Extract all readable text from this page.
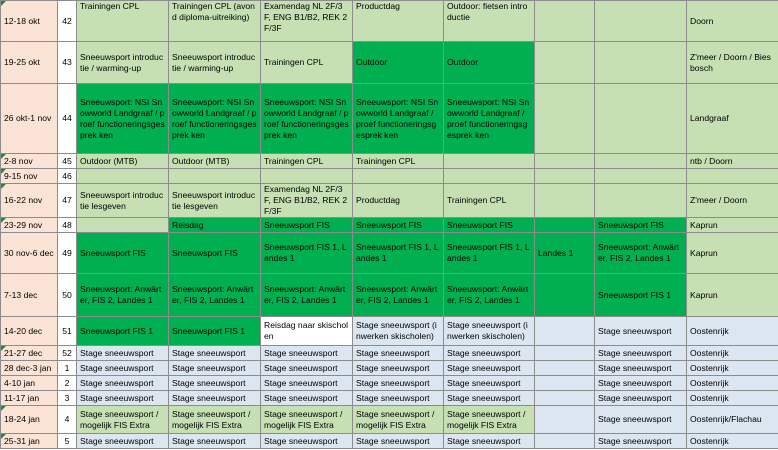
12-18 okt	42	Trainingen CPL	Trainingen CPL (avond diploma-uitreiking)	Examendag NL 2F/3F, ENG B1/B2, REK 2F/3F	Productdag	Outdoor: fietsen introductie			Doorn
19-25 okt	43	Sneeuwsport introductie / warming-up	Sneeuwsport introductie / warming-up	Trainingen CPL	Outdoor	Outdoor			Z'meer / Doorn / Biesbosch
26 okt-1 nov	44	Sneeuwsport: NSI Snowworld Landgraaf / proef functioneringsgesprek ken	Sneeuwsport: NSI Snowworld Landgraaf / proef functioneringsgesprek ken	Sneeuwsport: NSI Snowworld Landgraaf / proef functioneringsgesprek ken	Sneeuwsport: NSI Snowworld Landgraaf / proef functioneringsgesprek ken	Sneeuwsport: NSI Snowworld Landgraaf / proef functioneringsgesprek ken			Landgraaf
2-8 nov	45	Outdoor (MTB)	Outdoor (MTB)	Trainingen CPL	Trainingen CPL				ntb / Doorn
9-15 nov	46								
16-22 nov	47	Sneeuwsport introductie lesgeven	Sneeuwsport introductie lesgeven	Examendag NL 2F/3F, ENG B1/B2, REK 2F/3F	Productdag	Trainingen CPL			Z'meer / Doorn
23-29 nov	48		Reisdag	Sneeuwsport FIS	Sneeuwsport FIS	Sneeuwsport FIS		Sneeuwsport FIS	Kaprun
30 nov-6 dec	49	Sneeuwsport FIS	Sneeuwsport FIS	Sneeuwsport FIS 1, Landes 1	Sneeuwsport FIS 1, Landes 1	Sneeuwsport FIS 1, Landes 1	Landes 1	Sneeuwsport: Anwärter, FIS 2, Landes 1	Kaprun
7-13 dec	50	Sneeuwsport: Anwärter, FIS 2, Landes 1	Sneeuwsport: Anwärter, FIS 2, Landes 1	Sneeuwsport: Anwärter, FIS 2, Landes 1	Sneeuwsport: Anwärter, FIS 2, Landes 1	Sneeuwsport: Anwärter, FIS 2, Landes 1		Sneeuwsport FIS 1	Kaprun
14-20 dec	51	Sneeuwsport FIS 1	Sneeuwsport FIS 1	Reisdag naar skischolen	Stage sneeuwsport (inwerken skischolen)	Stage sneeuwsport (inwerken skischolen)		Stage sneeuwsport	Oostenrijk
21-27 dec	52	Stage sneeuwsport	Stage sneeuwsport	Stage sneeuwsport	Stage sneeuwsport	Stage sneeuwsport		Stage sneeuwsport	Oostenrijk
28 dec-3 jan	1	Stage sneeuwsport	Stage sneeuwsport	Stage sneeuwsport	Stage sneeuwsport	Stage sneeuwsport		Stage sneeuwsport	Oostenrijk
4-10 jan	2	Stage sneeuwsport	Stage sneeuwsport	Stage sneeuwsport	Stage sneeuwsport	Stage sneeuwsport		Stage sneeuwsport	Oostenrijk
11-17 jan	3	Stage sneeuwsport	Stage sneeuwsport	Stage sneeuwsport	Stage sneeuwsport	Stage sneeuwsport		Stage sneeuwsport	Oostenrijk
18-24 jan	4	Stage sneeuwsport / mogelijk FIS Extra	Stage sneeuwsport / mogelijk FIS Extra	Stage sneeuwsport / mogelijk FIS Extra	Stage sneeuwsport / mogelijk FIS Extra	Stage sneeuwsport / mogelijk FIS Extra		Stage sneeuwsport	Oostenrijk/Flachau
25-31 jan	5	Stage sneeuwsport	Stage sneeuwsport	Stage sneeuwsport	Stage sneeuwsport	Stage sneeuwsport		Stage sneeuwsport	Oostenrijk
